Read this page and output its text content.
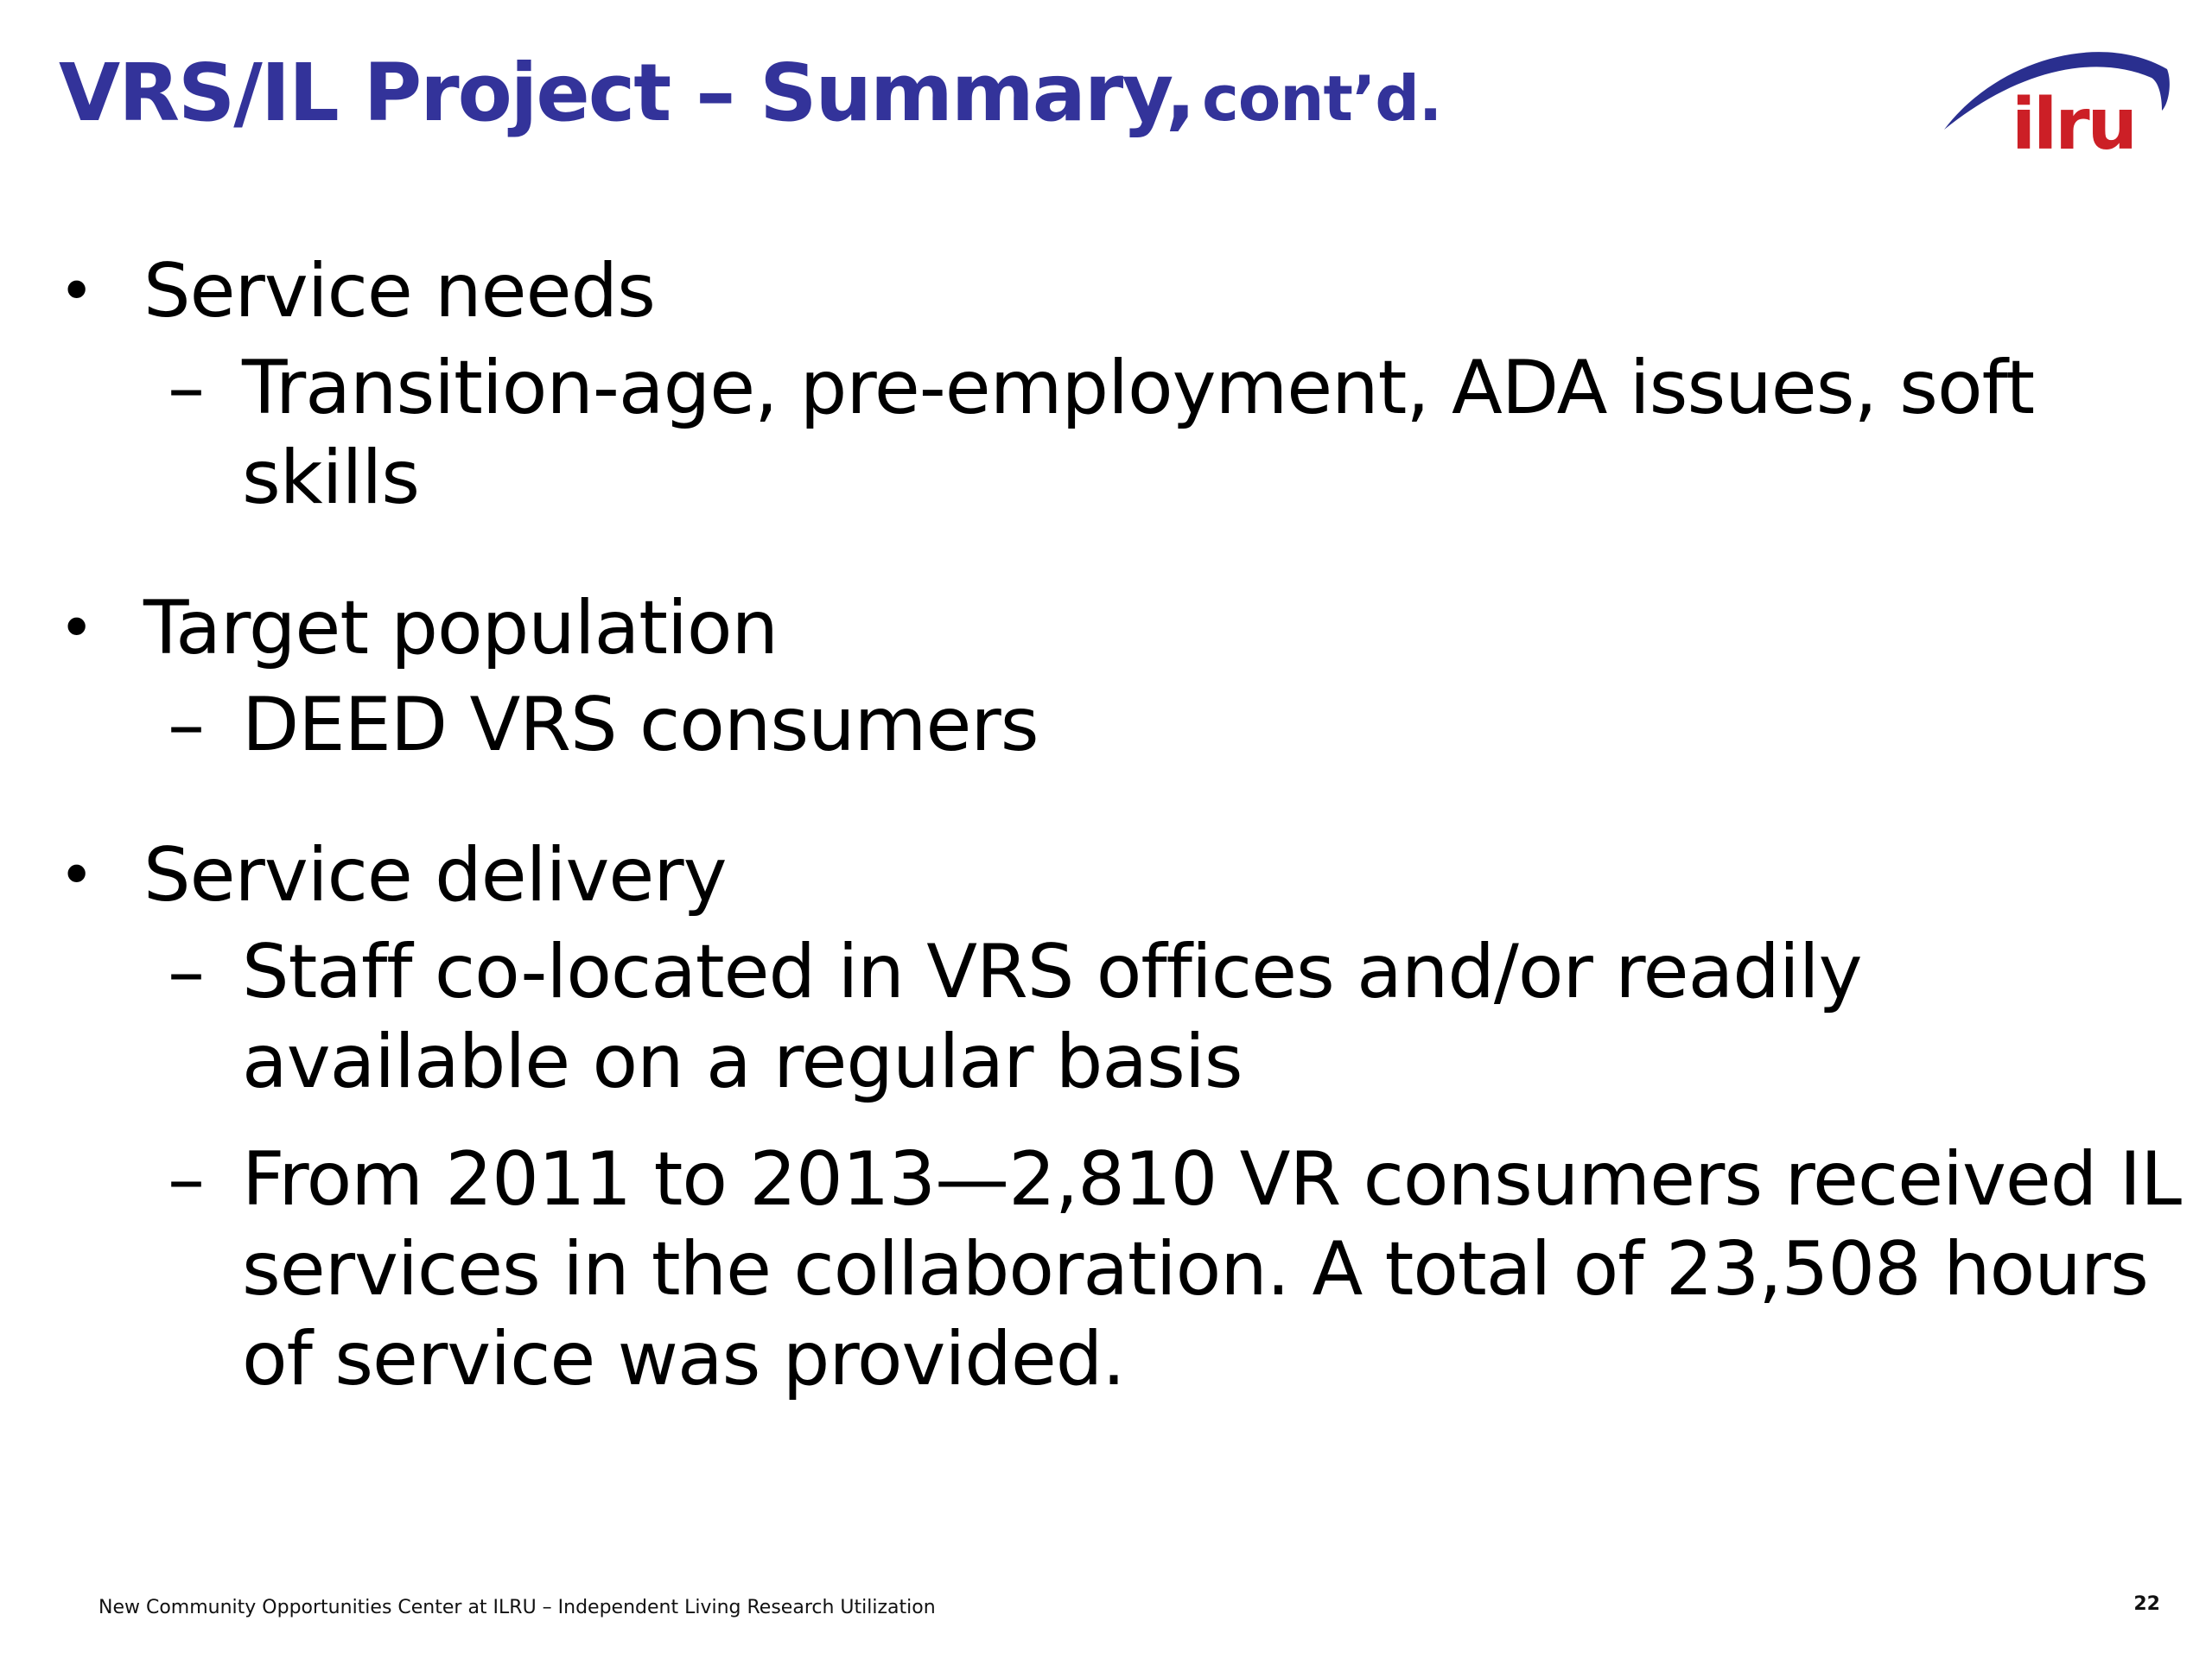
VRS/IL Project – Summary, cont’d.	ilru
• Service needs
– Transition-age, pre-employment, ADA issues, soft skills
• Target population
– DEED VRS consumers
• Service delivery
– Staff co-located in VRS offices and/or readily available on a regular basis
– From 2011 to 2013—2,810 VR consumers received IL services in the collaboration. A total of 23,508 hours of service was provided.
New Community Opportunities Center at ILRU – Independent Living Research Utilization	22
